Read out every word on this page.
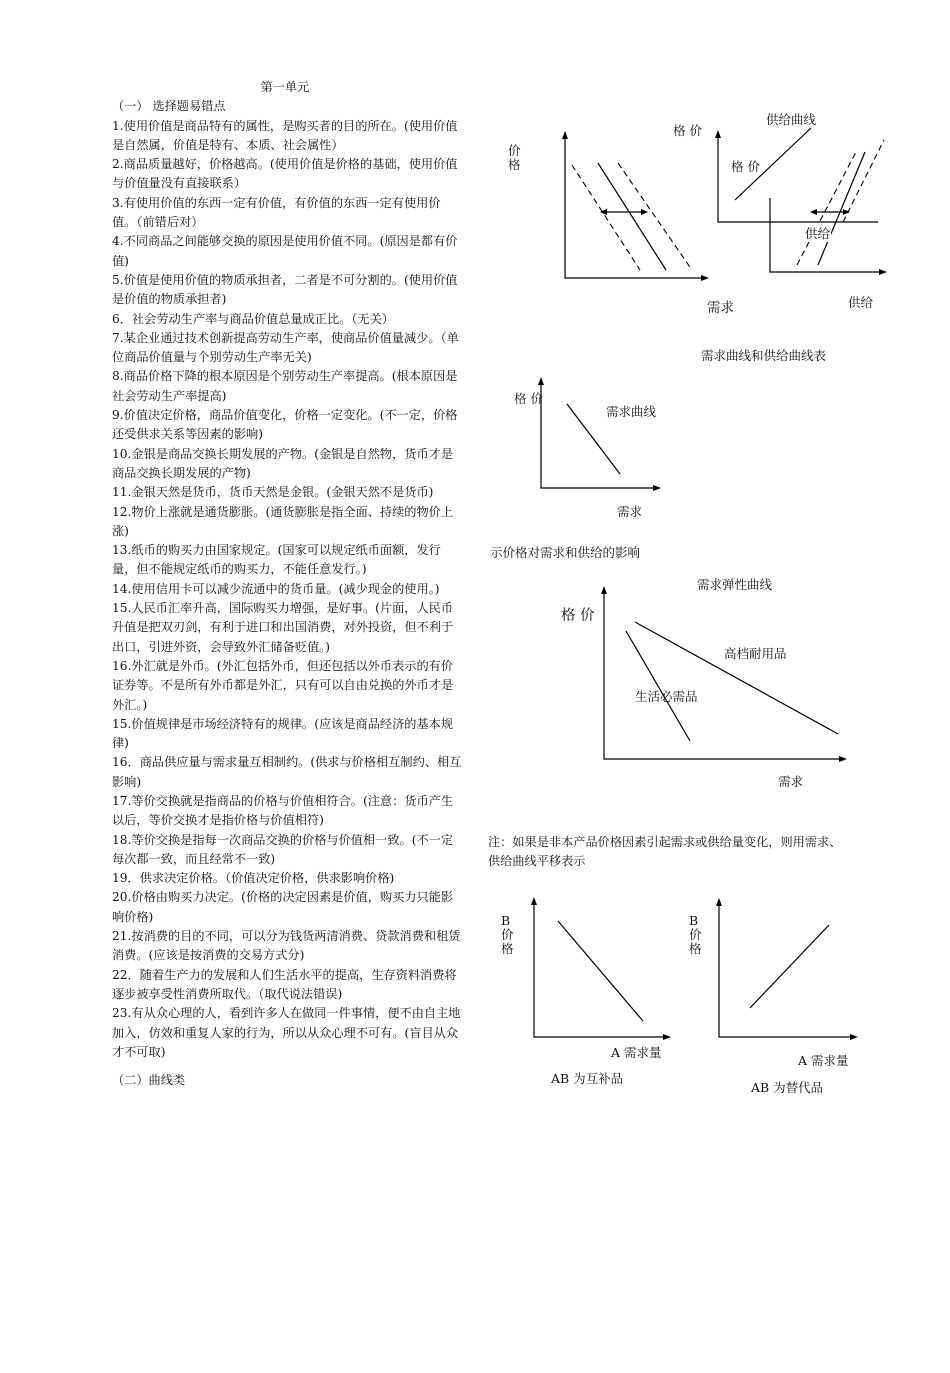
第一单元

（一） 选择题易错点

1.使用价值是商品特有的属性，是购买者的目的所在。(使用价值是自然属，价值是特有、本质、社会属性）

2.商品质量越好，价格越高。(使用价值是价格的基础，使用价值与价值量没有直接联系）

3.有使用价值的东西一定有价值，有价值的东西一定有使用价值。（前错后对）

4.不同商品之间能够交换的原因是使用价值不同。(原因是都有价值)

5.价值是使用价值的物质承担者，二者是不可分割的。(使用价值是价值的物质承担者)

6．社会劳动生产率与商品价值总量成正比。（无关）

7.某企业通过技术创新提高劳动生产率，使商品价值量减少。（单位商品价值量与个别劳动生产率无关)

8.商品价格下降的根本原因是个别劳动生产率提高。(根本原因是社会劳动生产率提高)

9.价值决定价格，商品价值变化，价格一定变化。(不一定，价格还受供求关系等因素的影响)

10.金银是商品交换长期发展的产物。(金银是自然物，货币才是商品交换长期发展的产物)

11.金银天然是货币，货币天然是金银。(金银天然不是货币)

12.物价上涨就是通货膨胀。(通货膨胀是指全面、持续的物价上涨)

13.纸币的购买力由国家规定。(国家可以规定纸币面额，发行量，但不能规定纸币的购买力，不能任意发行。)

14.使用信用卡可以减少流通中的货币量。(减少现金的使用。)

15.人民币汇率升高，国际购买力增强，是好事。(片面，人民币升值是把双刃剑，有利于进口和出国消费，对外投资，但不利于出口，引进外资，会导致外汇储备贬值。)

16.外汇就是外币。(外汇包括外币，但还包括以外币表示的有价证券等。不是所有外币都是外汇，只有可以自由兑换的外币才是外汇。)

15.价值规律是市场经济特有的规律。(应该是商品经济的基本规律)

16．商品供应量与需求量互相制约。(供求与价格相互制约、相互影响)

17.等价交换就是指商品的价格与价值相符合。(注意：货币产生以后，等价交换才是指价格与价值相符)

18.等价交换是指每一次商品交换的价格与价值相一致。(不一定每次都一致，而且经常不一致)

19．供求决定价格。（价值决定价格，供求影响价格)

20.价格由购买力决定。(价格的决定因素是价值，购买力只能影响价格)

21.按消费的目的不同，可以分为钱货两清消费、贷款消费和租赁消费。(应该是按消费的交易方式分)

22．随着生产力的发展和人们生活水平的提高，生存资料消费将逐步被享受性消费所取代。（取代说法错误)

23.有从众心理的人，看到许多人在做同一件事情，便不由自主地加入，仿效和重复人家的行为，所以从众心理不可有。(盲目从众才不可取)

（二）曲线类

价格
需求
格 价
供给曲线
格 价
供给
供给
需求曲线和供给曲线表
格 价
需求曲线
需求
示价格对需求和供给的影响
需求弹性曲线
格 价
高档耐用品
生活必需品
需求
注：如果是非本产品价格因素引起需求或供给量变化，则用需求、供给曲线平移表示
B价格
A 需求量
AB 为互补品
B价格
A 需求量
AB 为替代品
